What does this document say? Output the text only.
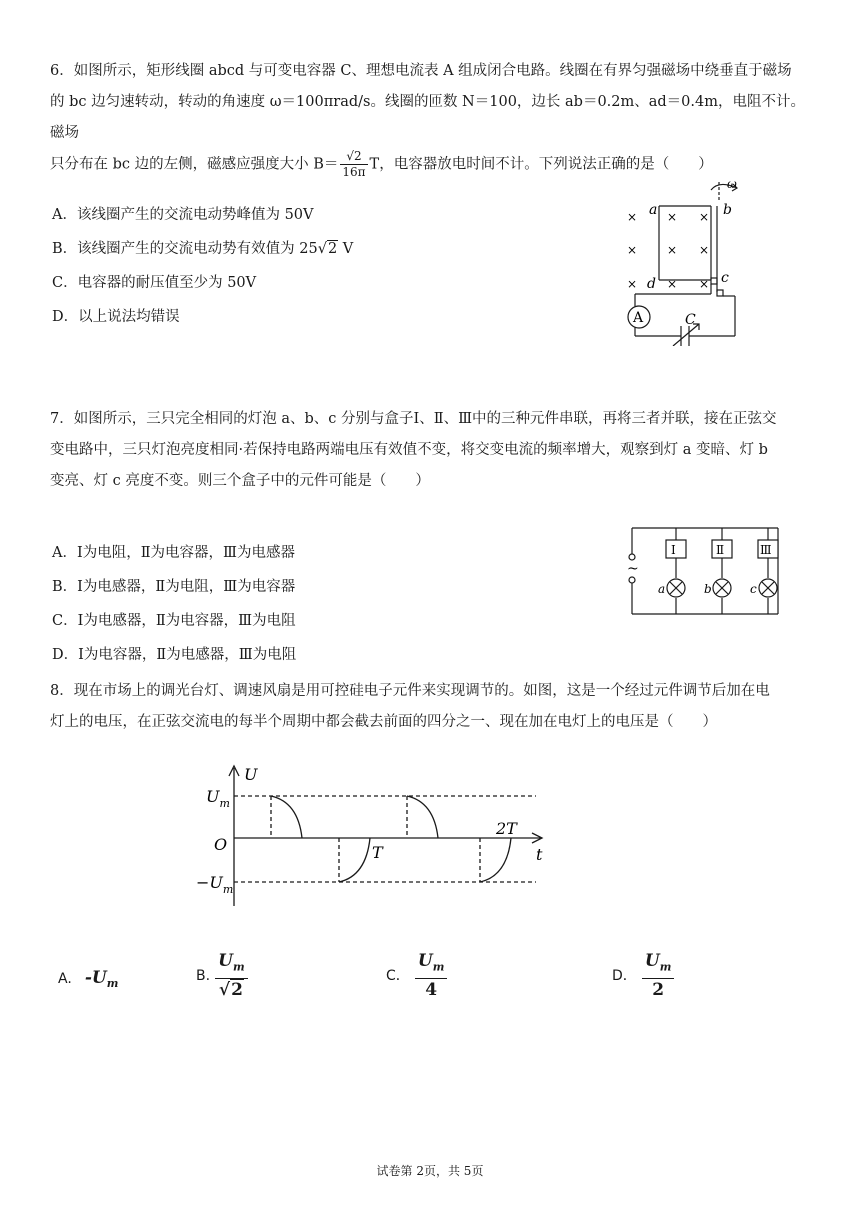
6．如图所示，矩形线圈 abcd 与可变电容器 C、理想电流表 A 组成闭合电路。线圈在有界匀强磁场中绕垂直于磁场
的 bc 边匀速转动，转动的角速度 ω＝100πrad/s。线圈的匝数 N＝100，边长 ab＝0.2m、ad＝0.4m，电阻不计。磁场
只分布在 bc 边的左侧，磁感应强度大小 $B= \frac{√2}{16\pi}$ T，电容器放电时间不计。下列说法正确的是（　　）
A．该线圈产生的交流电动势峰值为 50V
B．该线圈产生的交流电动势有效值为 25√2 V
C．电容器的耐压值至少为 50V
D．以上说法均错误	A	C
ω
a	b
c
d
× × ×
× × ×
× × ×
7．如图所示，三只完全相同的灯泡 a、b、c 分别与盒子Ⅰ、Ⅱ、Ⅲ中的三种元件串联，再将三者并联，接在正弦交
变电路中，三只灯泡亮度相同·若保持电路两端电压有效值不变，将交变电流的频率增大，观察到灯 a 变暗、灯 b
变亮、灯 c 亮度不变。则三个盒子中的元件可能是（　　）
A．Ⅰ为电阻，Ⅱ为电容器，Ⅲ为电感器
B．Ⅰ为电感器，Ⅱ为电阻，Ⅲ为电容器
C．Ⅰ为电感器，Ⅱ为电容器，Ⅲ为电阻
D．Ⅰ为电容器，Ⅱ为电感器，Ⅲ为电阻
Ⅰ	Ⅱ	Ⅲ
~
a	b	c
8．现在市场上的调光台灯、调速风扇是用可控硅电子元件来实现调节的。如图，这是一个经过元件调节后加在电
灯上的电压，在正弦交流电的每半个周期中都会截去前面的四分之一、现在加在电灯上的电压是（　　）
U
t
O
$U_m$
$-U_m$
T
2T
A. $-U_m$	B. $\frac{U_m}{√2}$	C． $\frac{U_m}{4}$	D． $\frac{U_m}{2}$
试卷第 2页，共 5页
